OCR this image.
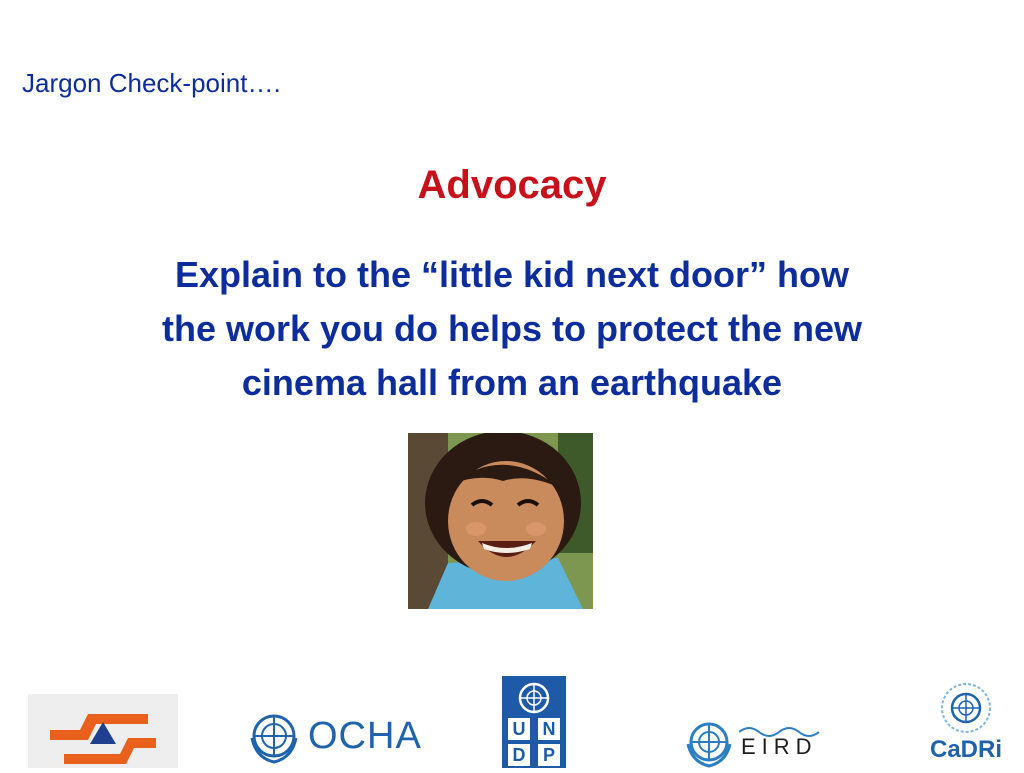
Jargon Check-point….
Advocacy
Explain to the “little kid next door” how
the work you do helps to protect the new
cinema hall from an earthquake
OCHA	U N
D P	EIRD	CaDRi
